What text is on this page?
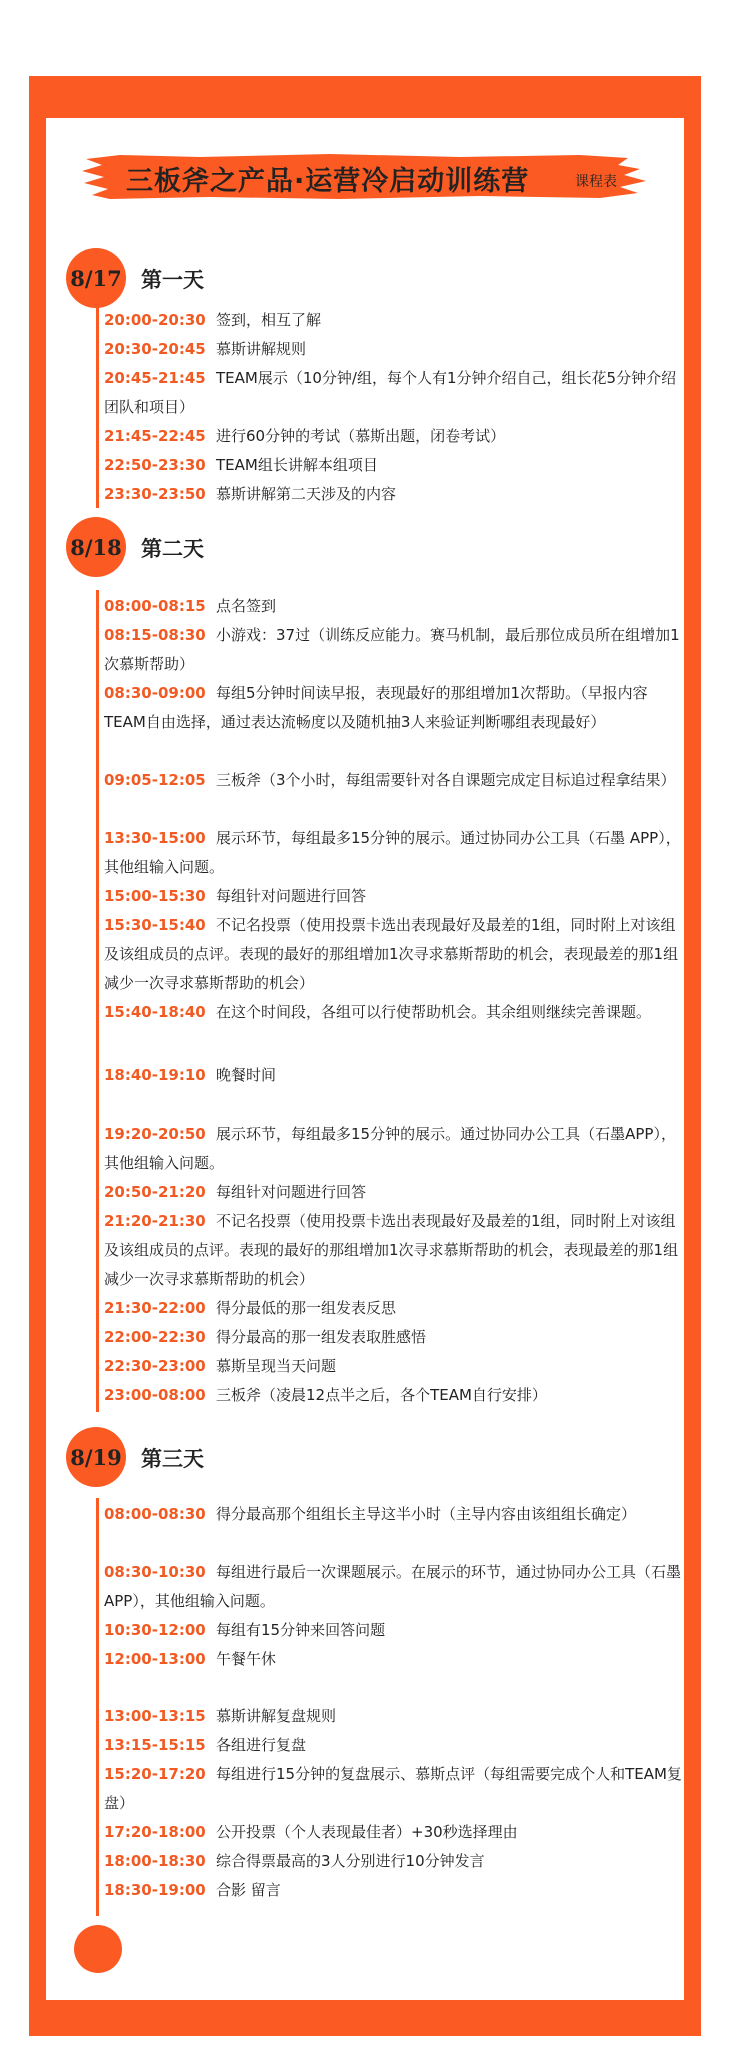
三板斧之产品·运营冷启动训练营	课程表
8/17 第一天
20:00-20:30 签到，相互了解
20:30-20:45 慕斯讲解规则
20:45-21:45 TEAM展示（10分钟/组，每个人有1分钟介绍自己，组长花5分钟介绍团队和项目）
21:45-22:45 进行60分钟的考试（慕斯出题，闭卷考试）
22:50-23:30 TEAM组长讲解本组项目
23:30-23:50 慕斯讲解第二天涉及的内容
8/18 第二天
08:00-08:15 点名签到
08:15-08:30 小游戏：37过（训练反应能力。赛马机制，最后那位成员所在组增加1次慕斯帮助）
08:30-09:00 每组5分钟时间读早报，表现最好的那组增加1次帮助。（早报内容TEAM自由选择，通过表达流畅度以及随机抽3人来验证判断哪组表现最好）
09:05-12:05 三板斧（3个小时，每组需要针对各自课题完成定目标追过程拿结果）
13:30-15:00 展示环节，每组最多15分钟的展示。通过协同办公工具（石墨 APP），其他组输入问题。
15:00-15:30 每组针对问题进行回答
15:30-15:40 不记名投票（使用投票卡选出表现最好及最差的1组，同时附上对该组及该组成员的点评。表现的最好的那组增加1次寻求慕斯帮助的机会，表现最差的那1组减少一次寻求慕斯帮助的机会）
15:40-18:40 在这个时间段，各组可以行使帮助机会。其余组则继续完善课题。
18:40-19:10 晚餐时间
19:20-20:50 展示环节，每组最多15分钟的展示。通过协同办公工具（石墨APP），其他组输入问题。
20:50-21:20 每组针对问题进行回答
21:20-21:30 不记名投票（使用投票卡选出表现最好及最差的1组，同时附上对该组及该组成员的点评。表现的最好的那组增加1次寻求慕斯帮助的机会，表现最差的那1组减少一次寻求慕斯帮助的机会）
21:30-22:00 得分最低的那一组发表反思
22:00-22:30 得分最高的那一组发表取胜感悟
22:30-23:00 慕斯呈现当天问题
23:00-08:00 三板斧（凌晨12点半之后，各个TEAM自行安排）
8/19 第三天
08:00-08:30 得分最高那个组组长主导这半小时（主导内容由该组组长确定）
08:30-10:30 每组进行最后一次课题展示。在展示的环节，通过协同办公工具（石墨APP），其他组输入问题。
10:30-12:00 每组有15分钟来回答问题
12:00-13:00 午餐午休
13:00-13:15 慕斯讲解复盘规则
13:15-15:15 各组进行复盘
15:20-17:20 每组进行15分钟的复盘展示、慕斯点评（每组需要完成个人和TEAM复盘）
17:20-18:00 公开投票（个人表现最佳者）+30秒选择理由
18:00-18:30 综合得票最高的3人分别进行10分钟发言
18:30-19:00 合影 留言
